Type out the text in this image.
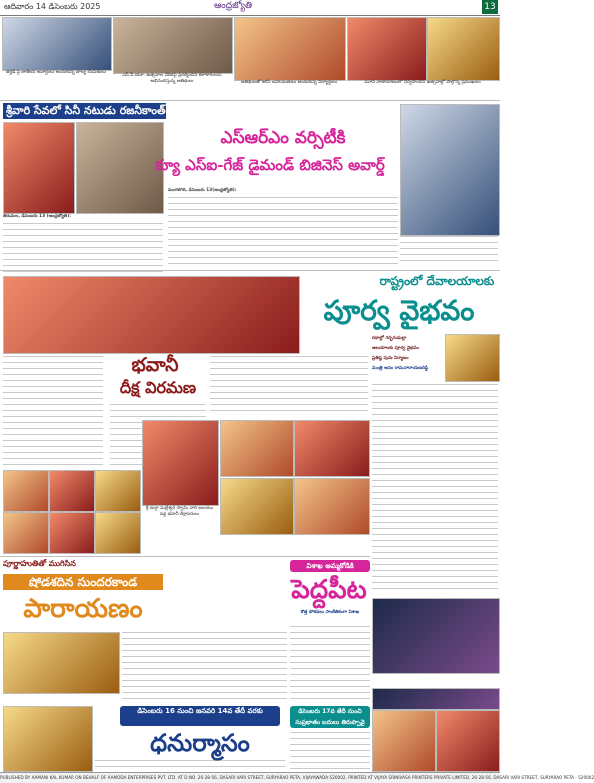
ఆదివారం 14 డిసెంబరు 2025	ఆంధ్రజ్యోతి	13
బెర్హెడ్ పై జాతీయ అవార్డులు అందుకున్న బాల్య దంపతులు
ఎస్.వీ.యూ. ఉత్సవాల వేదికపై ప్రదర్శించిన కళాకారులను అభినందిస్తున్న అతిథులు	అతిథులతో కలిసి బహుమతులు అందుకున్న విద్యార్థులు	మూసీ వాతావరణంలో నిర్వహించిన ఉత్సవాల్లో పాల్గొన్న ప్రముఖులు
శ్రీవారి సేవలో సినీ నటుడు రజనీకాంత్
తిరుమల, డిసెంబరు 13 (ఆంధ్రజ్యోతి):
ఎస్ఆర్ఎం వర్సిటీకి
క్యూ ఎస్‌ఐ-గేజ్ డైమండ్ బిజినెస్ అవార్డ్
మంగళగిరి, డిసెంబరు 13(ఆంధ్రజ్యోతి):
రాష్ట్రంలో దేవాలయాలకు
పూర్వ వైభవం
రథాల్లో గర్భగుడుల్లా
ఆలయాలకు పూర్వ వైభవం
ప్రతిష్ఠ పునః నిర్మాణం
మంత్రి ఆనం రామనారాయణరెడ్డి
భవానీ
దీక్ష విరమణ
శ్రీ దుర్గా మల్లేశ్వర స్వామి వారి ఆలయం వద్ద భవానీ దీక్షాపరులు
పూర్ణాహుతితో ముగిసిన
షోడశదిన సుందరకాండ
పారాయణం
విశాఖ అమ్మకోడికి
పెద్దపీట
కొత్త పోకడలు సాంకేతికంగా విశాఖ
డిసెంబరు 16 నుంచి జనవరి 14వ తేదీ వరకు
ధనుర్మాసం
డిసెంబరు 17వ తేదీ నుంచి సుప్రభాతం బదులు తిరుప్పావై
PUBLISHED BY AAMANI KAL KUMAR ON BEHALF OF AAMODA ENTERPRISES PVT. LTD. AT D.NO. 26-28-56, DASARI VARI STREET, SURYARAO PETA, VIJAYAWADA-520002, PRINTED AT VIJAYA SRINIVASA PRINTERS PRIVATE LIMITED, 26-28-56, DASARI VARI STREET, SURYARAO PETA - 520002
